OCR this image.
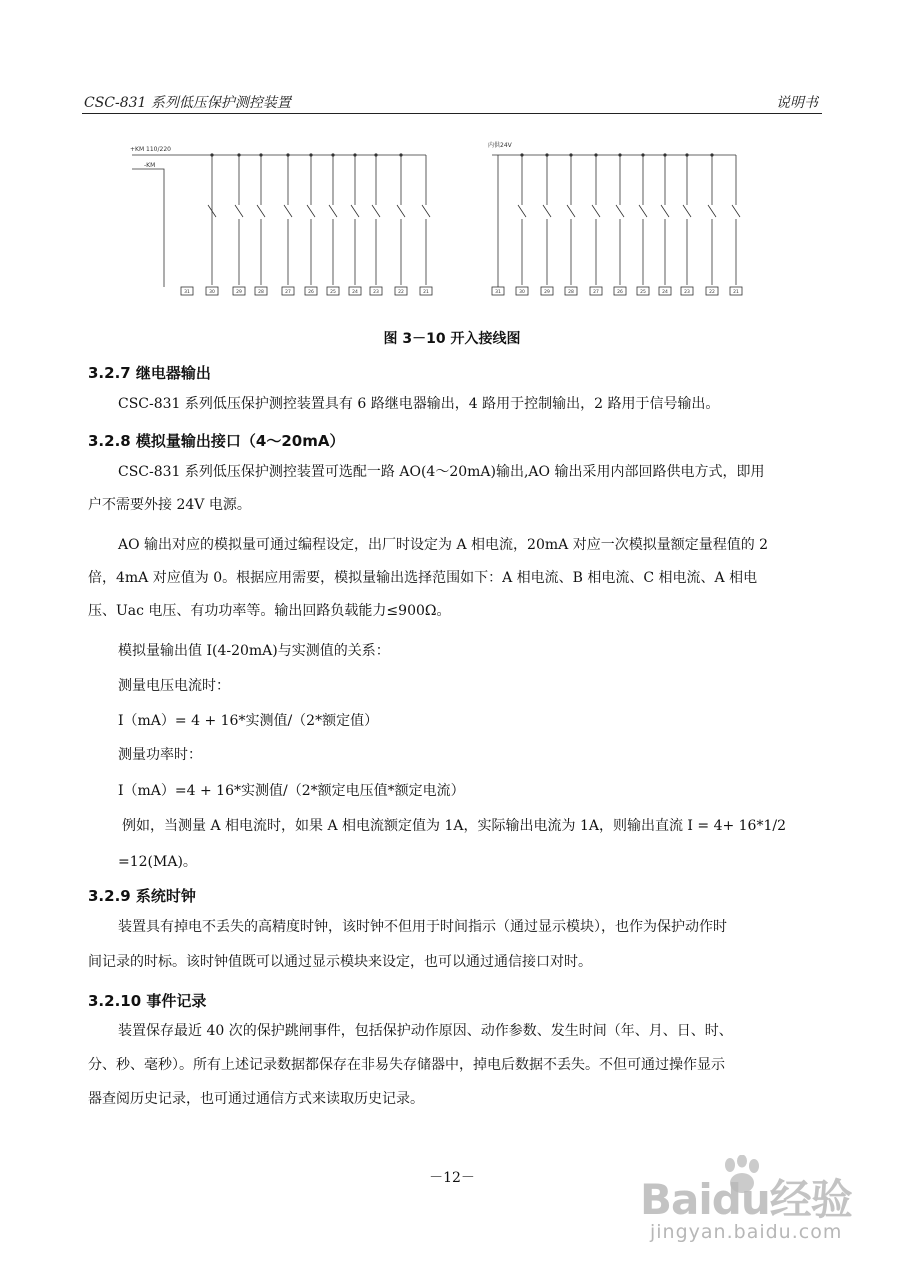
CSC-831 系列低压保护测控装置	说明书
+KM 110/220
-KM
内供24V
31	30	29	28	27	26	25	24	23	22	21	31	30	29	28	27	26	25	24	23	22	21
图 3－10 开入接线图
3.2.7 继电器输出
CSC-831 系列低压保护测控装置具有 6 路继电器输出，4 路用于控制输出，2 路用于信号输出。
3.2.8 模拟量输出接口（4～20mA）
CSC-831 系列低压保护测控装置可选配一路 AO(4～20mA)输出,AO 输出采用内部回路供电方式，即用
户不需要外接 24V 电源。
AO 输出对应的模拟量可通过编程设定，出厂时设定为 A 相电流，20mA 对应一次模拟量额定量程值的 2
倍，4mA 对应值为 0。根据应用需要，模拟量输出选择范围如下：A 相电流、B 相电流、C 相电流、A 相电
压、Uac 电压、有功功率等。输出回路负载能力≤900Ω。
模拟量输出值 I(4-20mA)与实测值的关系：
测量电压电流时：
I（mA）= 4 + 16*实测值/（2*额定值）
测量功率时：
I（mA）=4 + 16*实测值/（2*额定电压值*额定电流）
例如，当测量 A 相电流时，如果 A 相电流额定值为 1A，实际输出电流为 1A，则输出直流 I = 4+ 16*1/2
=12(MA)。
3.2.9 系统时钟
装置具有掉电不丢失的高精度时钟，该时钟不但用于时间指示（通过显示模块），也作为保护动作时
间记录的时标。该时钟值既可以通过显示模块来设定，也可以通过通信接口对时。
3.2.10 事件记录
装置保存最近 40 次的保护跳闸事件，包括保护动作原因、动作参数、发生时间（年、月、日、时、
分、秒、毫秒）。所有上述记录数据都保存在非易失存储器中，掉电后数据不丢失。不但可通过操作显示
器查阅历史记录，也可通过通信方式来读取历史记录。
－12－	Baidu经验
jingyan.baidu.com
